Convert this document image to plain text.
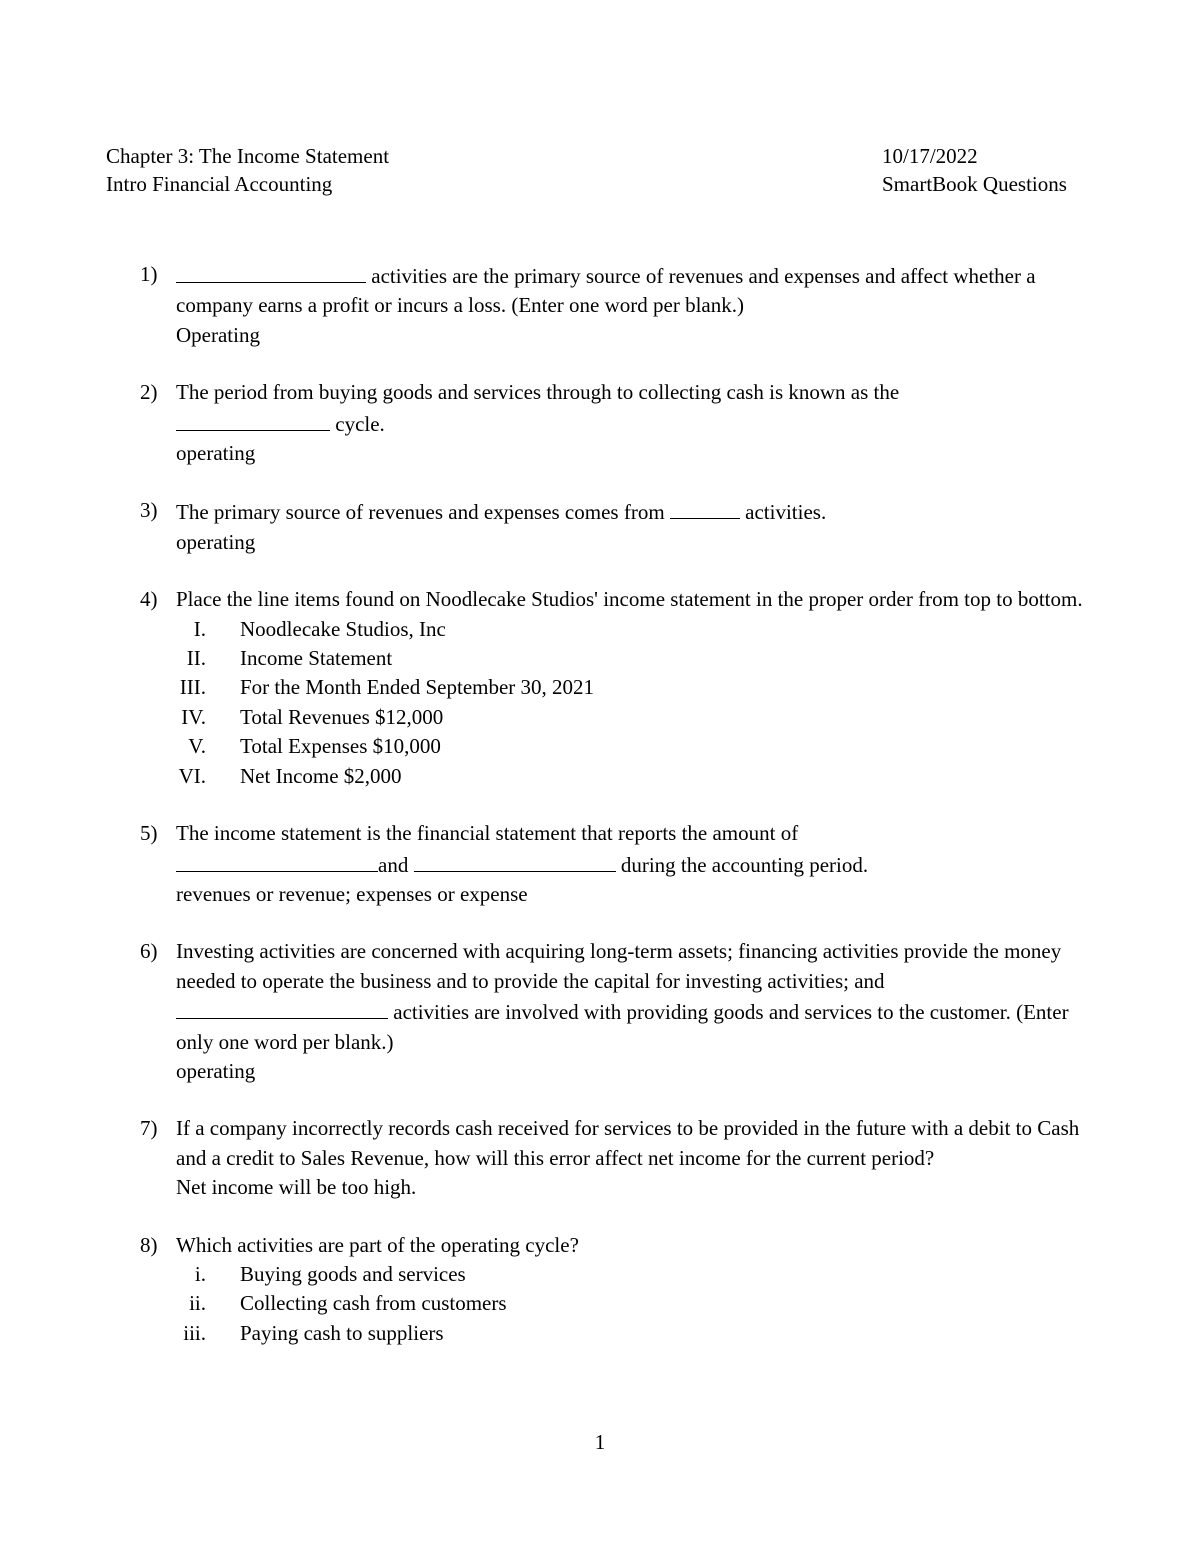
Chapter 3: The Income Statement	10/17/2022
Intro Financial Accounting	SmartBook Questions
1)	activities are the primary source of revenues and expenses and affect whether a company earns a profit or incurs a loss. (Enter one word per blank.)
Operating
2) The period from buying goods and services through to collecting cash is known as the
cycle.
operating
3) The primary source of revenues and expenses comes from	activities.
operating
4) Place the line items found on Noodlecake Studios' income statement in the proper order from top to bottom.
I. Noodlecake Studios, Inc
II. Income Statement
III. For the Month Ended September 30, 2021
IV. Total Revenues $12,000
V. Total Expenses $10,000
VI. Net Income $2,000
5) The income statement is the financial statement that reports the amount of
and	during the accounting period.
revenues or revenue; expenses or expense
6) Investing activities are concerned with acquiring long-term assets; financing activities provide the money needed to operate the business and to provide the capital for investing activities; and
activities are involved with providing goods and services to the customer. (Enter only one word per blank.)
operating
7) If a company incorrectly records cash received for services to be provided in the future with a debit to Cash and a credit to Sales Revenue, how will this error affect net income for the current period?
Net income will be too high.
8) Which activities are part of the operating cycle?
i. Buying goods and services
ii. Collecting cash from customers
iii. Paying cash to suppliers
1
